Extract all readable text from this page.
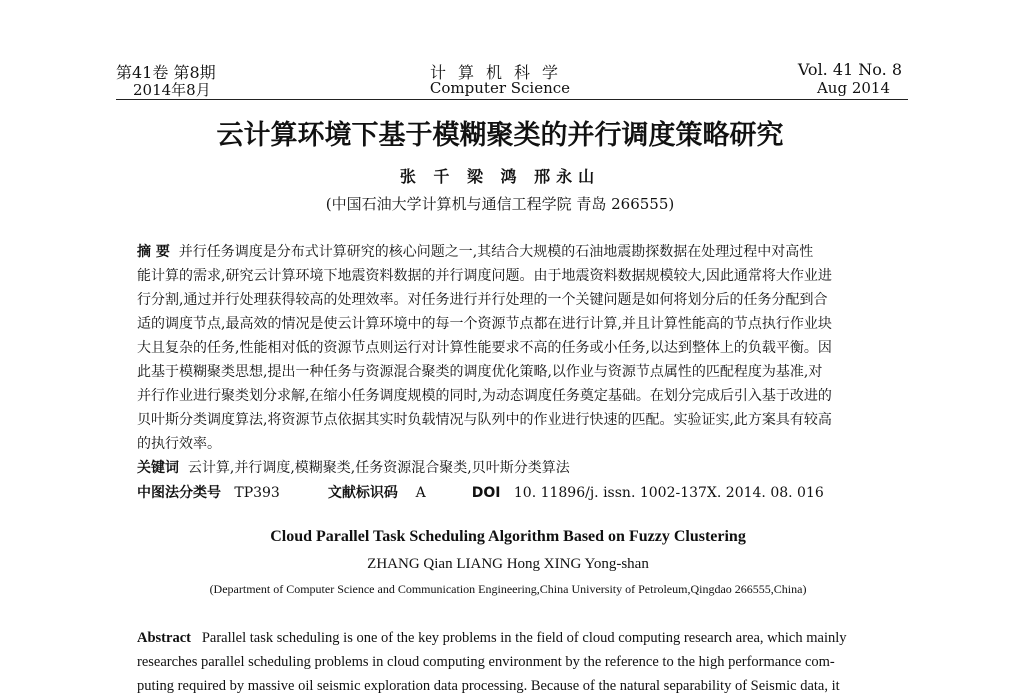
第41卷 第8期
2014年8月
计算机科学
Computer Science
Vol. 41 No. 8
Aug 2014
云计算环境下基于模糊聚类的并行调度策略研究
张 千 梁 鸿 邢永山
(中国石油大学计算机与通信工程学院 青岛 266555)
摘 要 并行任务调度是分布式计算研究的核心问题之一,其结合大规模的石油地震勘探数据在处理过程中对高性
能计算的需求,研究云计算环境下地震资料数据的并行调度问题。由于地震资料数据规模较大,因此通常将大作业进
行分割,通过并行处理获得较高的处理效率。对任务进行并行处理的一个关键问题是如何将划分后的任务分配到合
适的调度节点,最高效的情况是使云计算环境中的每一个资源节点都在进行计算,并且计算性能高的节点执行作业块
大且复杂的任务,性能相对低的资源节点则运行对计算性能要求不高的任务或小任务,以达到整体上的负载平衡。因
此基于模糊聚类思想,提出一种任务与资源混合聚类的调度优化策略,以作业与资源节点属性的匹配程度为基准,对
并行作业进行聚类划分求解,在缩小任务调度规模的同时,为动态调度任务奠定基础。在划分完成后引入基于改进的
贝叶斯分类调度算法,将资源节点依据其实时负载情况与队列中的作业进行快速的匹配。实验证实,此方案具有较高
的执行效率。
关键词 云计算,并行调度,模糊聚类,任务资源混合聚类,贝叶斯分类算法
中图法分类号 TP393	文献标识码 A	DOI 10. 11896/j. issn. 1002-137X. 2014. 08. 016
Cloud Parallel Task Scheduling Algorithm Based on Fuzzy Clustering
ZHANG Qian LIANG Hong XING Yong-shan
(Department of Computer Science and Communication Engineering,China University of Petroleum,Qingdao 266555,China)
Abstract Parallel task scheduling is one of the key problems in the field of cloud computing research area, which mainly
researches parallel scheduling problems in cloud computing environment by the reference to the high performance com-
puting required by massive oil seismic exploration data processing. Because of the natural separability of Seismic data, it
